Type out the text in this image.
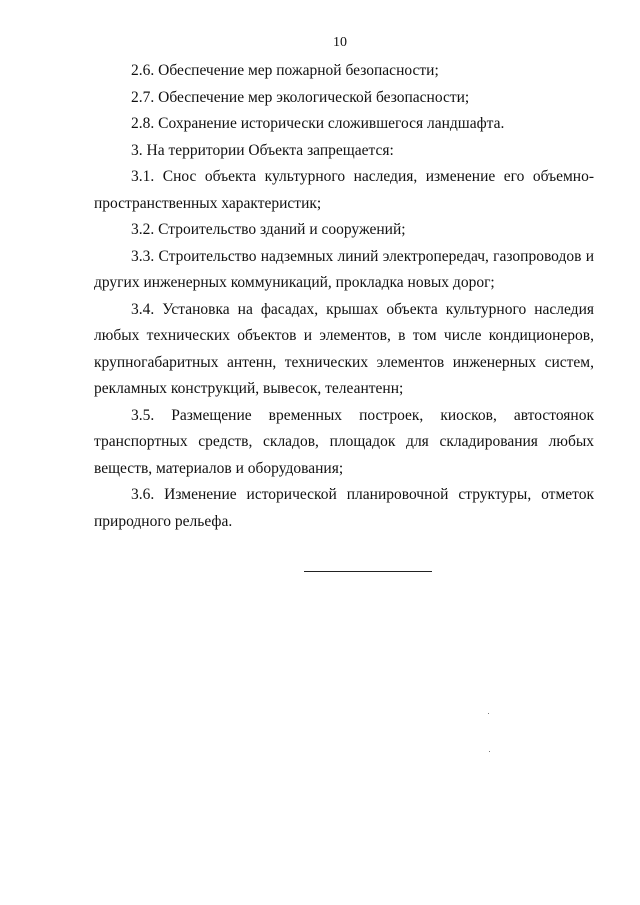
10

2.6. Обеспечение мер пожарной безопасности;

2.7. Обеспечение мер экологической безопасности;

2.8. Сохранение исторически сложившегося ландшафта.

3. На территории Объекта запрещается:

3.1. Снос объекта культурного наследия, изменение его объемно-пространственных характеристик;

3.2. Строительство зданий и сооружений;

3.3. Строительство надземных линий электропередач, газопроводов и других инженерных коммуникаций, прокладка новых дорог;

3.4. Установка на фасадах, крышах объекта культурного наследия любых технических объектов и элементов, в том числе кондиционеров, крупногабаритных антенн, технических элементов инженерных систем, рекламных конструкций, вывесок, телеантенн;

3.5. Размещение временных построек, киосков, автостоянок транспортных средств, складов, площадок для складирования любых веществ, материалов и оборудования;

3.6. Изменение исторической планировочной структуры, отметок природного рельефа.
